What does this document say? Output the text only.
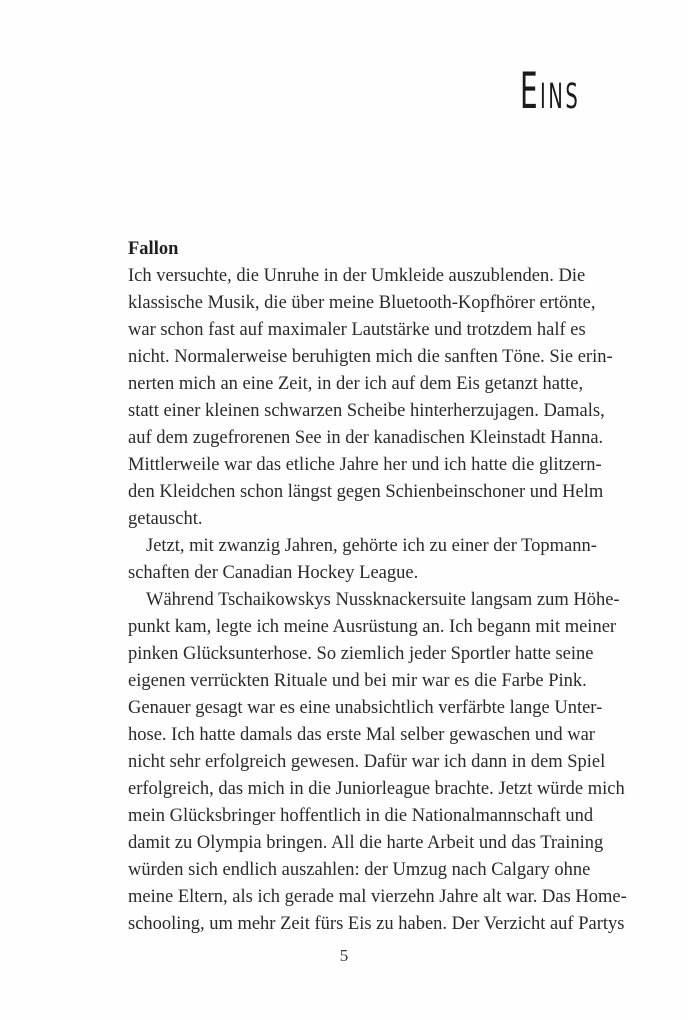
Eins
Fallon
Ich versuchte, die Unruhe in der Umkleide auszublenden. Die
klassische Musik, die über meine Bluetooth-Kopfhörer ertönte,
war schon fast auf maximaler Lautstärke und trotzdem half es
nicht. Normalerweise beruhigten mich die sanften Töne. Sie erin-
nerten mich an eine Zeit, in der ich auf dem Eis getanzt hatte,
statt einer kleinen schwarzen Scheibe hinterherzujagen. Damals,
auf dem zugefrorenen See in der kanadischen Kleinstadt Hanna.
Mittlerweile war das etliche Jahre her und ich hatte die glitzern-
den Kleidchen schon längst gegen Schienbeinschoner und Helm
getauscht.
Jetzt, mit zwanzig Jahren, gehörte ich zu einer der Topmann-
schaften der Canadian Hockey League.
Während Tschaikowskys Nussknackersuite langsam zum Höhe-
punkt kam, legte ich meine Ausrüstung an. Ich begann mit meiner
pinken Glücksunterhose. So ziemlich jeder Sportler hatte seine
eigenen verrückten Rituale und bei mir war es die Farbe Pink.
Genauer gesagt war es eine unabsichtlich verfärbte lange Unter-
hose. Ich hatte damals das erste Mal selber gewaschen und war
nicht sehr erfolgreich gewesen. Dafür war ich dann in dem Spiel
erfolgreich, das mich in die Juniorleague brachte. Jetzt würde mich
mein Glücksbringer hoffentlich in die Nationalmannschaft und
damit zu Olympia bringen. All die harte Arbeit und das Training
würden sich endlich auszahlen: der Umzug nach Calgary ohne
meine Eltern, als ich gerade mal vierzehn Jahre alt war. Das Home-
schooling, um mehr Zeit fürs Eis zu haben. Der Verzicht auf Partys
5
